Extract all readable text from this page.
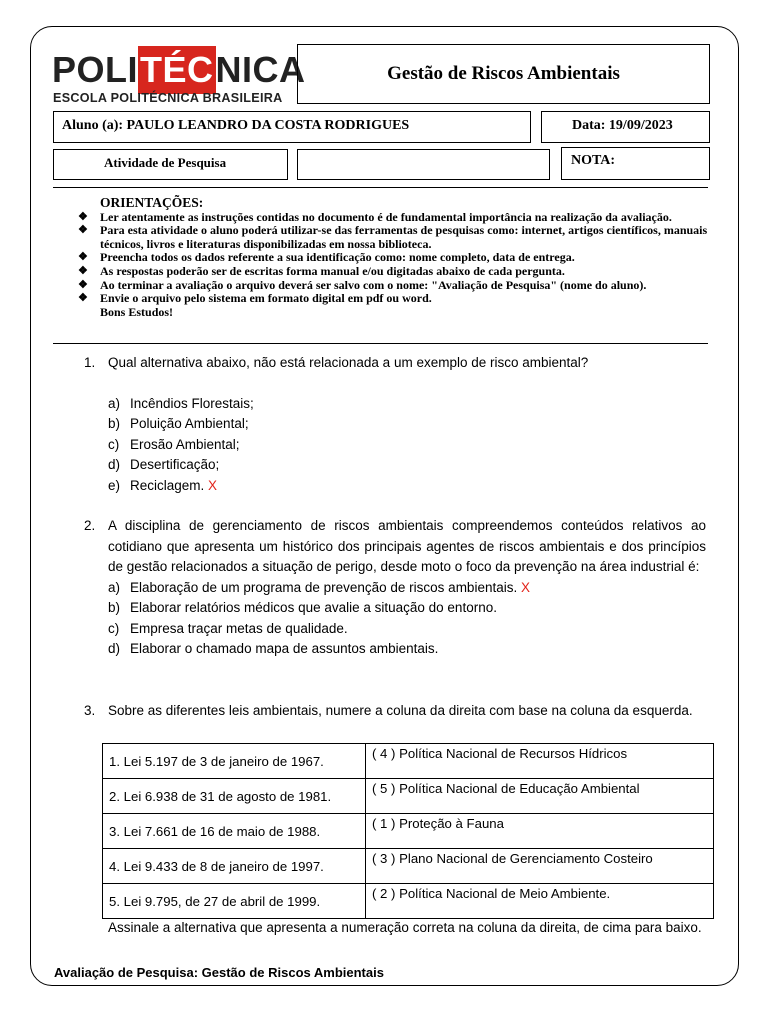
POLITÉCNICA
ESCOLA POLITÉCNICA BRASILEIRA
Gestão de Riscos Ambientais
Aluno (a): PAULO LEANDRO DA COSTA RODRIGUES	Data: 19/09/2023
Atividade de Pesquisa	NOTA:
ORIENTAÇÕES:
❖ Ler atentamente as instruções contidas no documento é de fundamental importância na realização da avaliação.
❖ Para esta atividade o aluno poderá utilizar-se das ferramentas de pesquisas como: internet, artigos científicos, manuais técnicos, livros e literaturas disponibilizadas em nossa biblioteca.
❖ Preencha todos os dados referente a sua identificação como: nome completo, data de entrega.
❖ As respostas poderão ser de escritas forma manual e/ou digitadas abaixo de cada pergunta.
❖ Ao terminar a avaliação o arquivo deverá ser salvo com o nome: "Avaliação de Pesquisa" (nome do aluno).
❖ Envie o arquivo pelo sistema em formato digital em pdf ou word.
Bons Estudos!
1. Qual alternativa abaixo, não está relacionada a um exemplo de risco ambiental?
a) Incêndios Florestais;
b) Poluição Ambiental;
c) Erosão Ambiental;
d) Desertificação;
e) Reciclagem. X
2. A disciplina de gerenciamento de riscos ambientais compreendemos conteúdos relativos ao cotidiano que apresenta um histórico dos principais agentes de riscos ambientais e dos princípios de gestão relacionados a situação de perigo, desde moto o foco da prevenção na área industrial é:
a) Elaboração de um programa de prevenção de riscos ambientais. X
b) Elaborar relatórios médicos que avalie a situação do entorno.
c) Empresa traçar metas de qualidade.
d) Elaborar o chamado mapa de assuntos ambientais.
3. Sobre as diferentes leis ambientais, numere a coluna da direita com base na coluna da esquerda.
1. Lei 5.197 de 3 de janeiro de 1967.	( 4 ) Política Nacional de Recursos Hídricos
2. Lei 6.938 de 31 de agosto de 1981.	( 5 ) Política Nacional de Educação Ambiental
3. Lei 7.661 de 16 de maio de 1988.	( 1 ) Proteção à Fauna
4. Lei 9.433 de 8 de janeiro de 1997.	( 3 ) Plano Nacional de Gerenciamento Costeiro
5. Lei 9.795, de 27 de abril de 1999.	( 2 ) Política Nacional de Meio Ambiente.
Assinale a alternativa que apresenta a numeração correta na coluna da direita, de cima para baixo.
Avaliação de Pesquisa: Gestão de Riscos Ambientais
